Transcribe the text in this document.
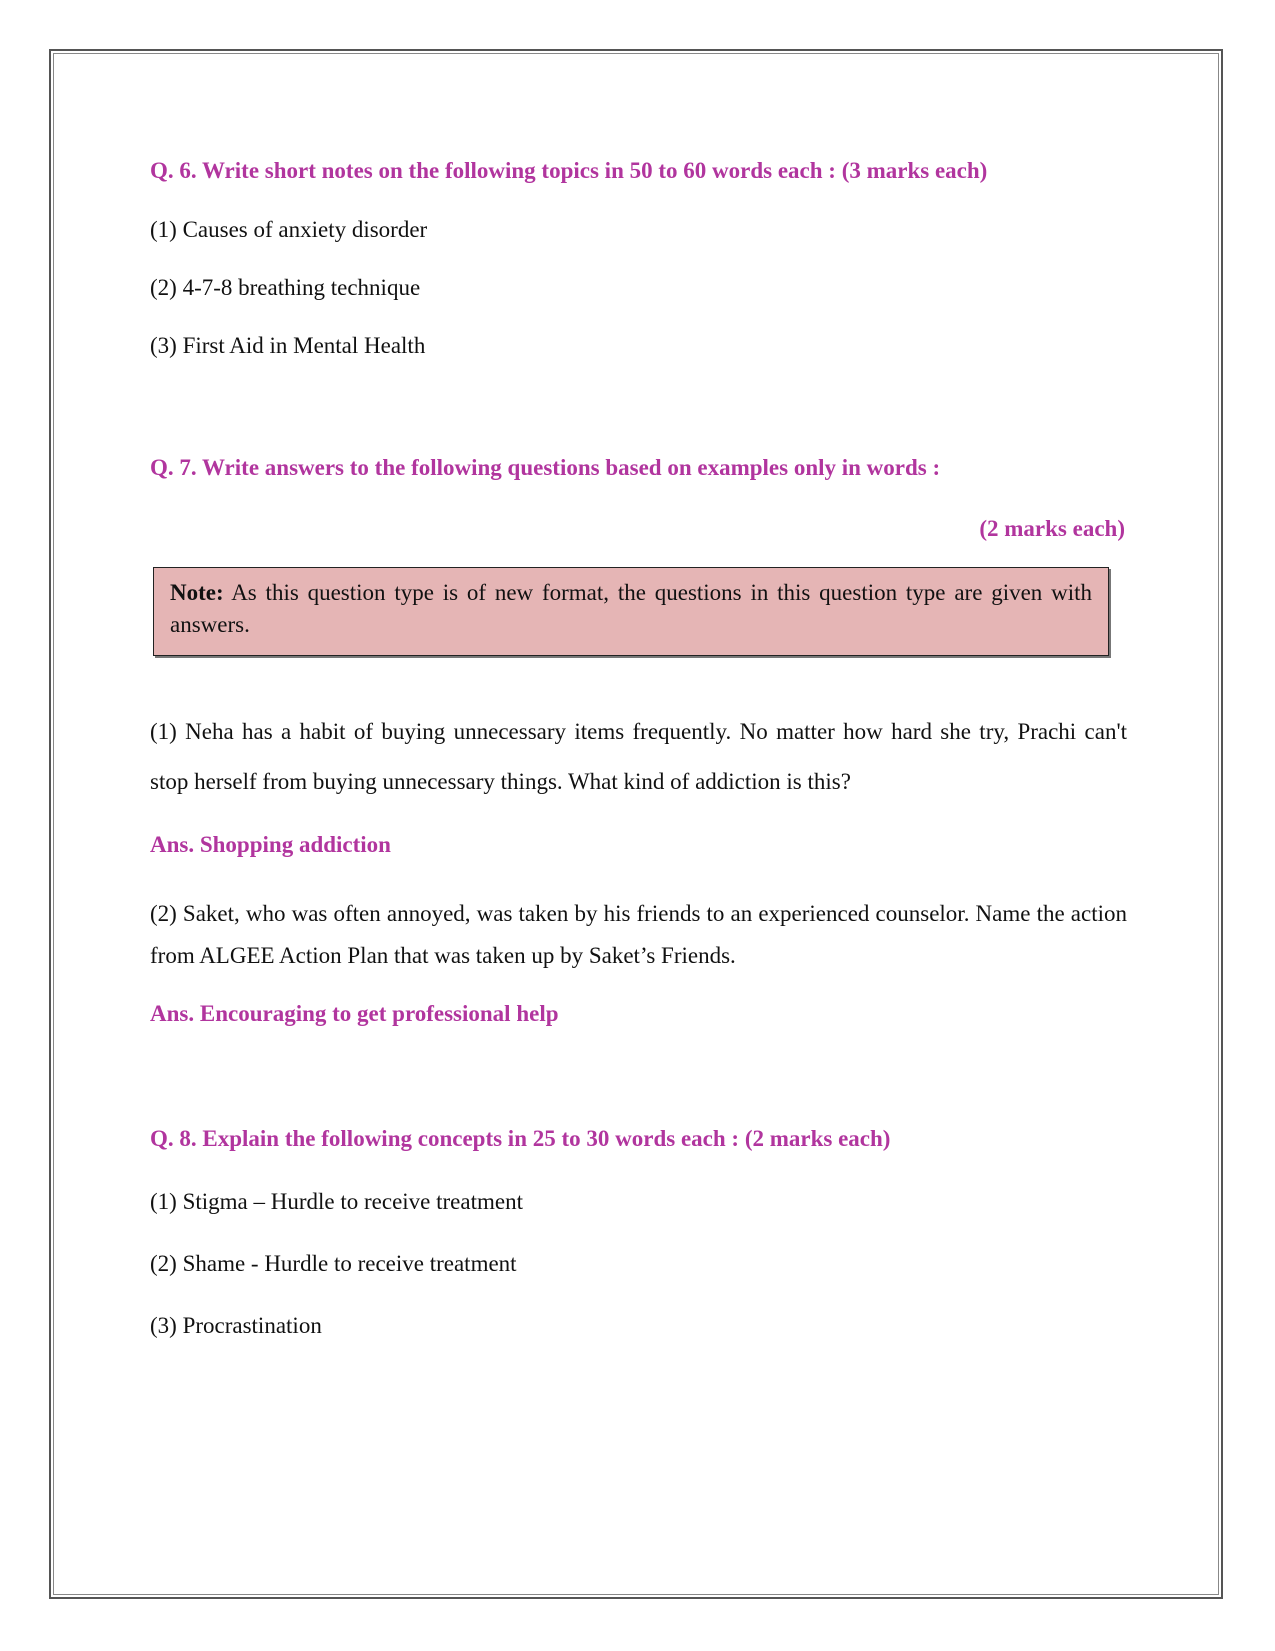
Q. 6. Write short notes on the following topics in 50 to 60 words each : (3 marks each)
(1) Causes of anxiety disorder
(2) 4-7-8 breathing technique
(3) First Aid in Mental Health
Q. 7. Write answers to the following questions based on examples only in words :
(2 marks each)
Note: As this question type is of new format, the questions in this question type are given with answers.
(1) Neha has a habit of buying unnecessary items frequently. No matter how hard she try, Prachi can't stop herself from buying unnecessary things. What kind of addiction is this?
Ans. Shopping addiction
(2) Saket, who was often annoyed, was taken by his friends to an experienced counselor. Name the action from ALGEE Action Plan that was taken up by Saket’s Friends.
Ans. Encouraging to get professional help
Q. 8. Explain the following concepts in 25 to 30 words each : (2 marks each)
(1) Stigma – Hurdle to receive treatment
(2) Shame - Hurdle to receive treatment
(3) Procrastination
